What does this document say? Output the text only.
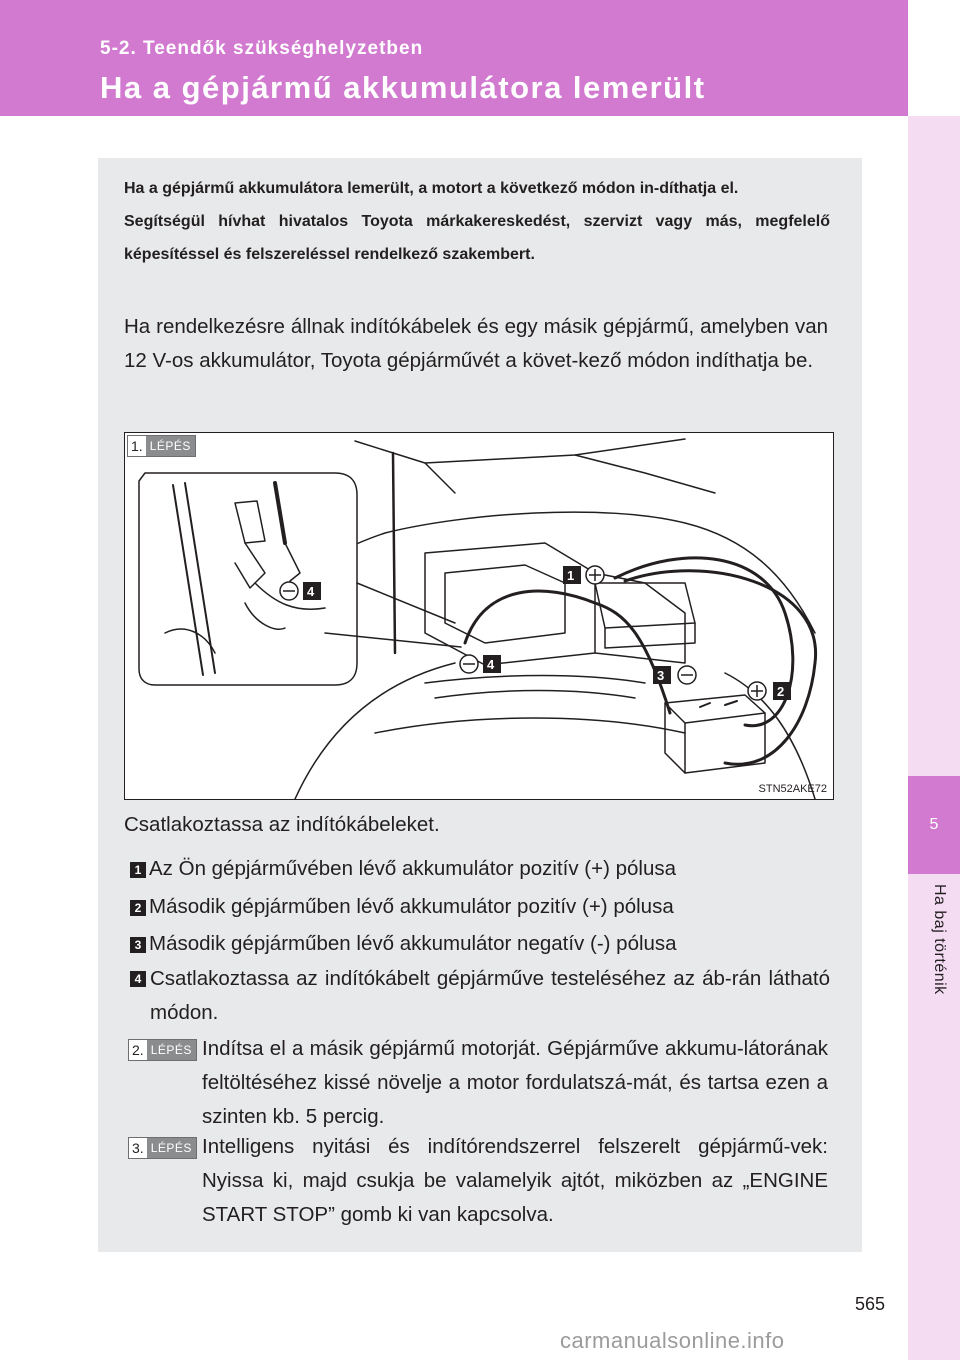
5-2. Teendők szükséghelyzetben
Ha a gépjármű akkumulátora lemerült
5
Ha baj történik

Ha a gépjármű akkumulátora lemerült, a motort a következő módon in-díthatja el.

Segítségül hívhat hivatalos Toyota márkakereskedést, szervizt vagy más, megfelelő képesítéssel és felszereléssel rendelkező szakembert.

Ha rendelkezésre állnak indítókábelek és egy másik gépjármű, amelyben van 12 V-os akkumulátor, Toyota gépjárművét a követ-kező módon indíthatja be.
1. LÉPÉS
1
2
3
4
4
STN52AKE72
Csatlakoztassa az indítókábeleket.
1 Az Ön gépjárművében lévő akkumulátor pozitív (+) pólusa
2 Második gépjárműben lévő akkumulátor pozitív (+) pólusa
3 Második gépjárműben lévő akkumulátor negatív (-) pólusa
4 Csatlakoztassa az indítókábelt gépjárműve testeléséhez az áb-rán látható módon.
2. LÉPÉS Indítsa el a másik gépjármű motorját. Gépjárműve akkumu-látorának feltöltéséhez kissé növelje a motor fordulatszá-mát, és tartsa ezen a szinten kb. 5 percig.
3. LÉPÉS Intelligens nyitási és indítórendszerrel felszerelt gépjármű-vek: Nyissa ki, majd csukja be valamelyik ajtót, miközben az „ENGINE START STOP” gomb ki van kapcsolva.
565
carmanualsonline.info
